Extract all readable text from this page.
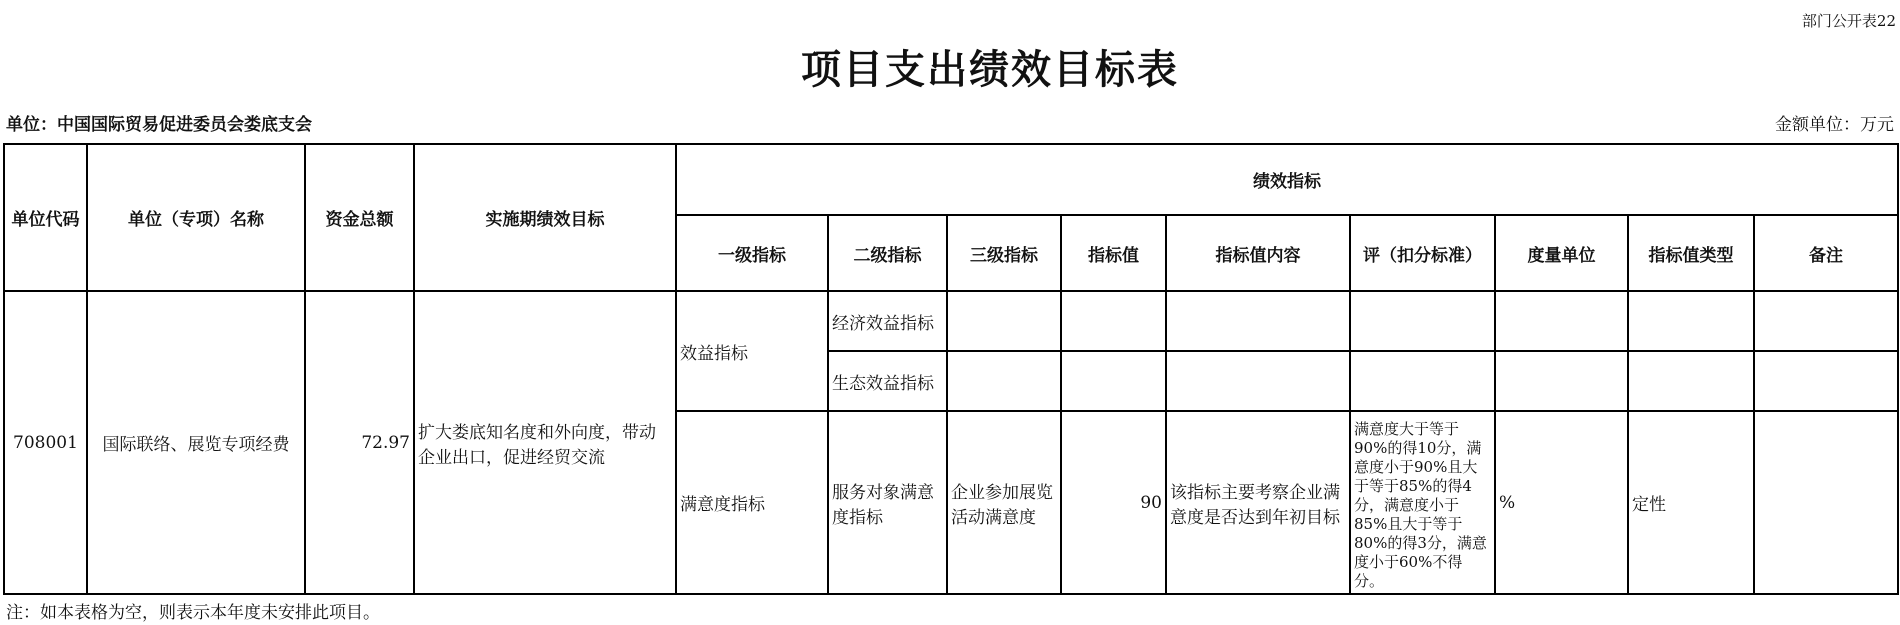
部门公开表22
项目支出绩效目标表
单位：中国国际贸易促进委员会娄底支会	金额单位：万元
单位代码	单位（专项）名称	资金总额	实施期绩效目标	绩效指标								
				一级指标	二级指标	三级指标	指标值	指标值内容	评（扣分标准）	度量单位	指标值类型	备注
708001	国际联络、展览专项经费	72.97	扩大娄底知名度和外向度，带动企业出口，促进经贸交流	效益指标	经济效益指标							
					生态效益指标							
				满意度指标	服务对象满意度指标	企业参加展览活动满意度	90	该指标主要考察企业满意度是否达到年初目标	满意度大于等于90%的得10分，满意度小于90%且大于等于85%的得4分，满意度小于85%且大于等于80%的得3分，满意度小于60%不得分。	%	定性	
注：如本表格为空，则表示本年度未安排此项目。
